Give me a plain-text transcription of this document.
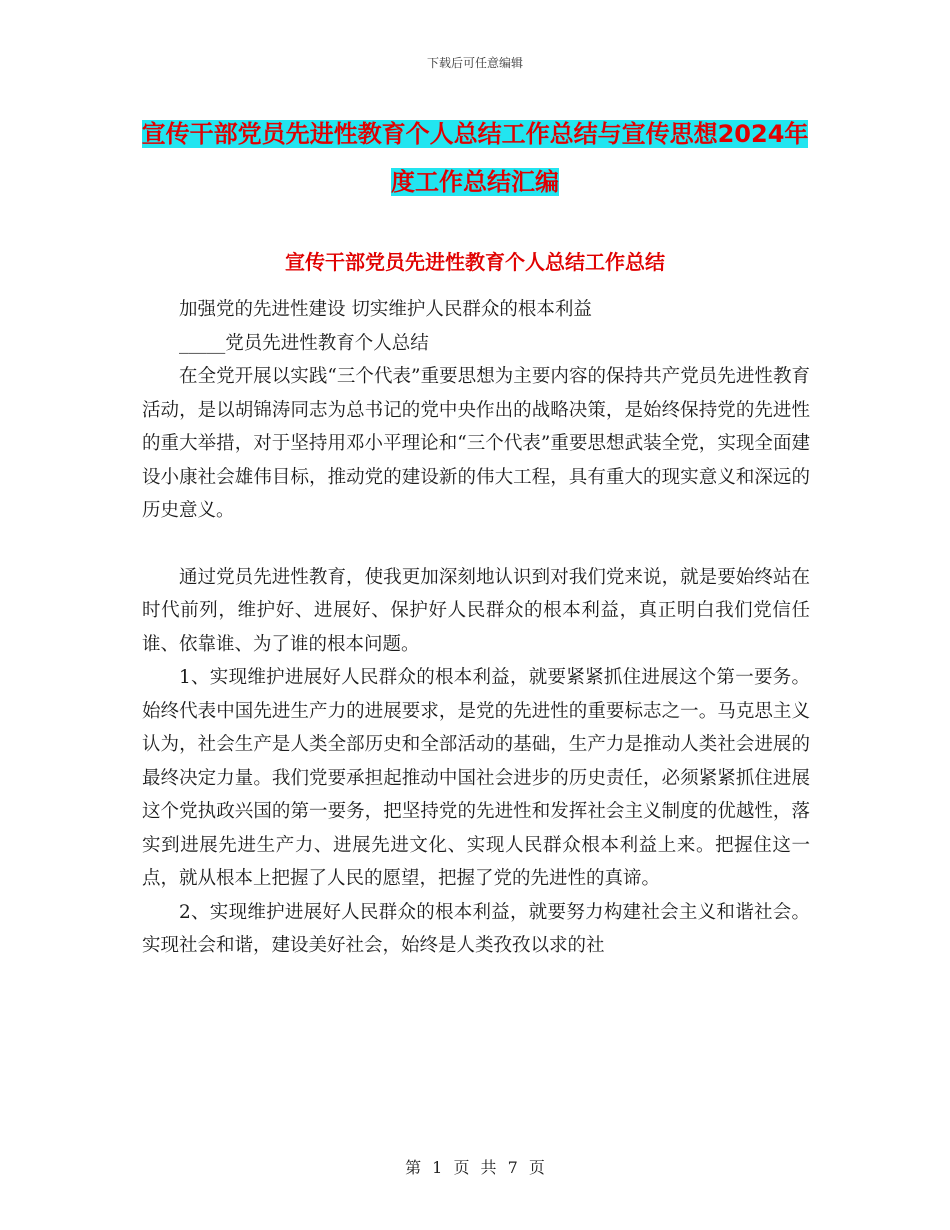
下载后可任意编辑
宣传干部党员先进性教育个人总结工作总结与宣传思想2024年度工作总结汇编
宣传干部党员先进性教育个人总结工作总结

加强党的先进性建设 切实维护人民群众的根本利益

_____党员先进性教育个人总结

在全党开展以实践“三个代表”重要思想为主要内容的保持共产党员先进性教育活动，是以胡锦涛同志为总书记的党中央作出的战略决策，是始终保持党的先进性的重大举措，对于坚持用邓小平理论和“三个代表”重要思想武装全党，实现全面建设小康社会雄伟目标，推动党的建设新的伟大工程，具有重大的现实意义和深远的历史意义。

通过党员先进性教育，使我更加深刻地认识到对我们党来说，就是要始终站在时代前列，维护好、进展好、保护好人民群众的根本利益，真正明白我们党信任谁、依靠谁、为了谁的根本问题。

1、实现维护进展好人民群众的根本利益，就要紧紧抓住进展这个第一要务。始终代表中国先进生产力的进展要求，是党的先进性的重要标志之一。马克思主义认为，社会生产是人类全部历史和全部活动的基础，生产力是推动人类社会进展的最终决定力量。我们党要承担起推动中国社会进步的历史责任，必须紧紧抓住进展这个党执政兴国的第一要务，把坚持党的先进性和发挥社会主义制度的优越性，落实到进展先进生产力、进展先进文化、实现人民群众根本利益上来。把握住这一点，就从根本上把握了人民的愿望，把握了党的先进性的真谛。

2、实现维护进展好人民群众的根本利益，就要努力构建社会主义和谐社会。实现社会和谐，建设美好社会，始终是人类孜孜以求的社

第 1 页 共 7 页
